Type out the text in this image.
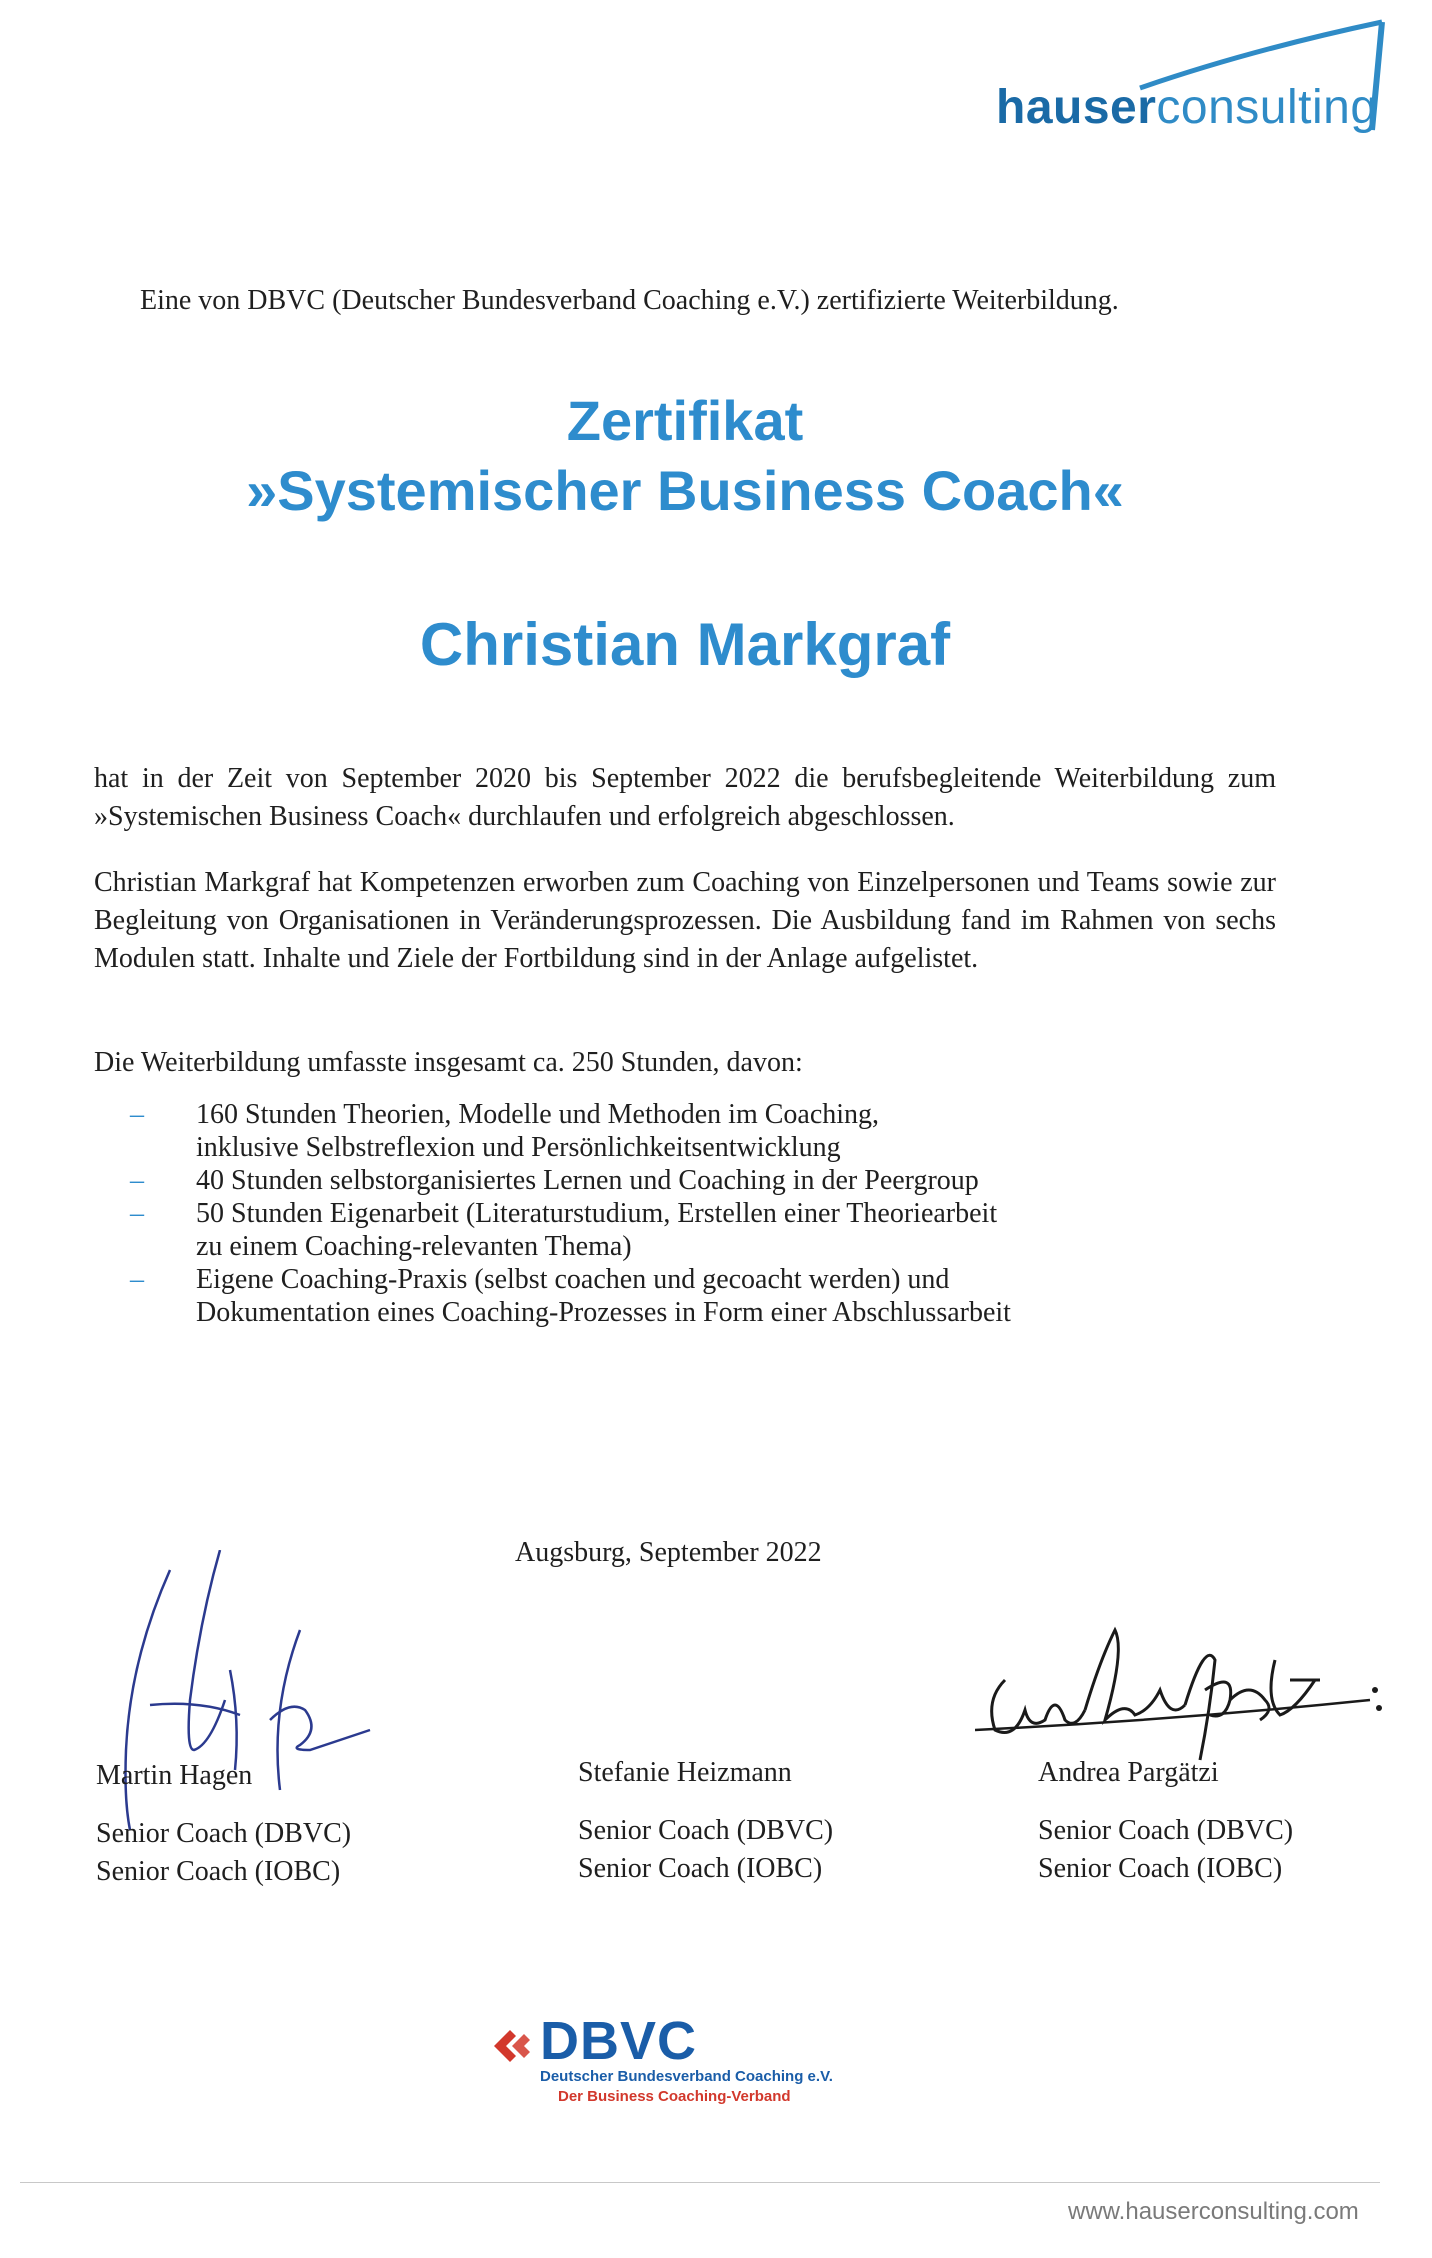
hauserconsulting
Eine von DBVC (Deutscher Bundesverband Coaching e.V.) zertifizierte Weiterbildung.
Zertifikat
»Systemischer Business Coach«
Christian Markgraf
hat in der Zeit von September 2020 bis September 2022 die berufsbegleitende Weiterbildung zum »Systemischen Business Coach« durchlaufen und erfolgreich abgeschlossen.
Christian Markgraf hat Kompetenzen erworben zum Coaching von Einzelpersonen und Teams sowie zur Begleitung von Organisationen in Veränderungsprozessen. Die Ausbildung fand im Rahmen von sechs Modulen statt. Inhalte und Ziele der Fortbildung sind in der Anlage aufgelistet.
Die Weiterbildung umfasste insgesamt ca. 250 Stunden, davon:
– 160 Stunden Theorien, Modelle und Methoden im Coaching,
inklusive Selbstreflexion und Persönlichkeitsentwicklung
– 40 Stunden selbstorganisiertes Lernen und Coaching in der Peergroup
– 50 Stunden Eigenarbeit (Literaturstudium, Erstellen einer Theoriearbeit
zu einem Coaching-relevanten Thema)
– Eigene Coaching-Praxis (selbst coachen und gecoacht werden) und
Dokumentation eines Coaching-Prozesses in Form einer Abschlussarbeit
Augsburg, September 2022
Martin Hagen
Senior Coach (DBVC)
Senior Coach (IOBC)
Stefanie Heizmann
Senior Coach (DBVC)
Senior Coach (IOBC)
Andrea Pargätzi
Senior Coach (DBVC)
Senior Coach (IOBC)
DBVC
Deutscher Bundesverband Coaching e.V.
Der Business Coaching-Verband
www.hauserconsulting.com
